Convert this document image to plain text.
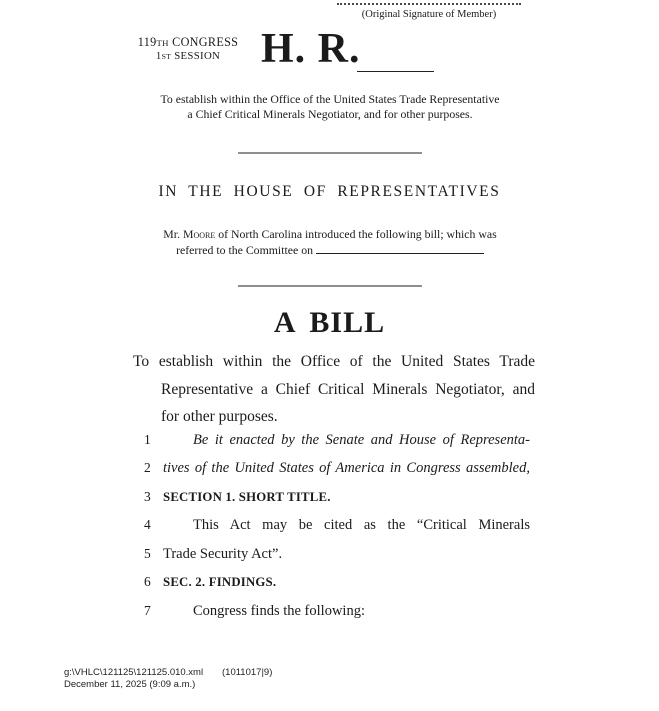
(Original Signature of Member)
119TH CONGRESS
1ST SESSION H. R.
To establish within the Office of the United States Trade Representative
a Chief Critical Minerals Negotiator, and for other purposes.
IN THE HOUSE OF REPRESENTATIVES
Mr. Moore of North Carolina introduced the following bill; which was
referred to the Committee on
A BILL
To establish within the Office of the United States Trade
Representative a Chief Critical Minerals Negotiator, and
for other purposes.
1	Be it enacted by the Senate and House of Representa-
2 tives of the United States of America in Congress assembled,
3 SECTION 1. SHORT TITLE.
4	This Act may be cited as the “Critical Minerals
5 Trade Security Act”.
6 SEC. 2. FINDINGS.
7	Congress finds the following:
g:\VHLC\121125\121125.010.xml	(1011017|9)
December 11, 2025 (9:09 a.m.)
